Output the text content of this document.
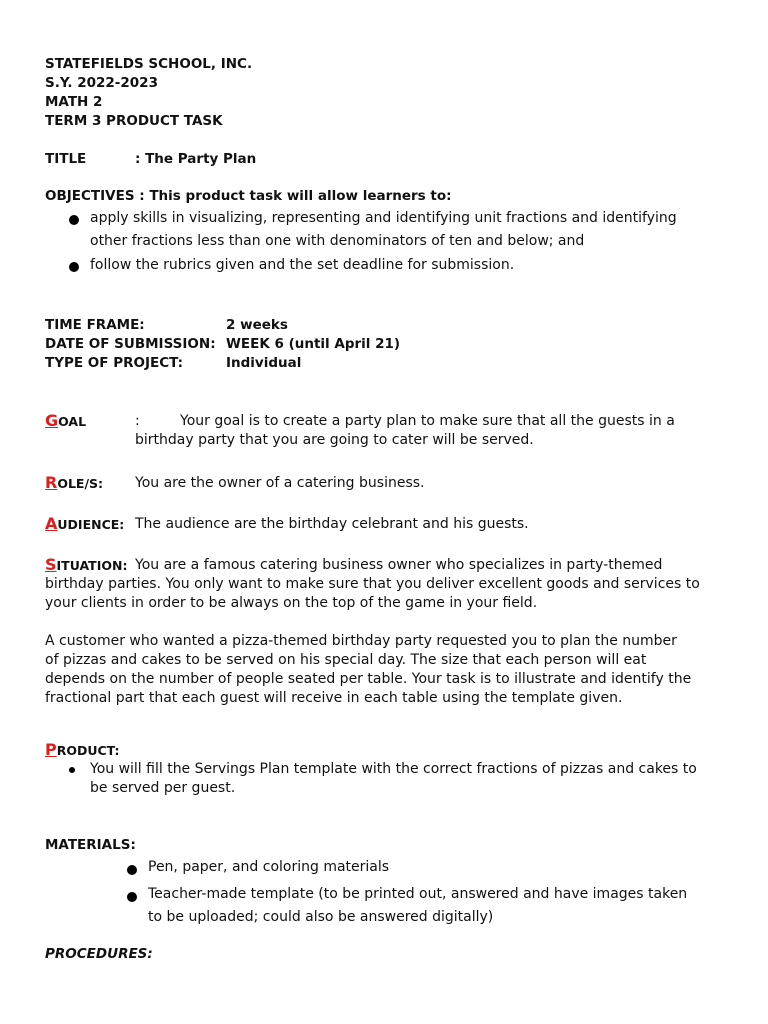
STATEFIELDS SCHOOL, INC.
S.Y. 2022-2023
MATH 2
TERM 3 PRODUCT TASK
TITLE	: The Party Plan
OBJECTIVES : This product task will allow learners to:
apply skills in visualizing, representing and identifying unit fractions and identifying
other fractions less than one with denominators of ten and below; and
follow the rubrics given and the set deadline for submission.
TIME FRAME:	2 weeks
DATE OF SUBMISSION: WEEK 6 (until April 21)
TYPE OF PROJECT:	Individual
GOAL	:	Your goal is to create a party plan to make sure that all the guests in a
birthday party that you are going to cater will be served.
ROLE/S: You are the owner of a catering business.
AUDIENCE: The audience are the birthday celebrant and his guests.
SITUATION: You are a famous catering business owner who specializes in party-themed
birthday parties. You only want to make sure that you deliver excellent goods and services to
your clients in order to be always on the top of the game in your field.
A customer who wanted a pizza-themed birthday party requested you to plan the number
of pizzas and cakes to be served on his special day. The size that each person will eat
depends on the number of people seated per table. Your task is to illustrate and identify the
fractional part that each guest will receive in each table using the template given.
PRODUCT:
You will fill the Servings Plan template with the correct fractions of pizzas and cakes to
be served per guest.
MATERIALS:
Pen, paper, and coloring materials
Teacher-made template (to be printed out, answered and have images taken
to be uploaded; could also be answered digitally)
PROCEDURES:
